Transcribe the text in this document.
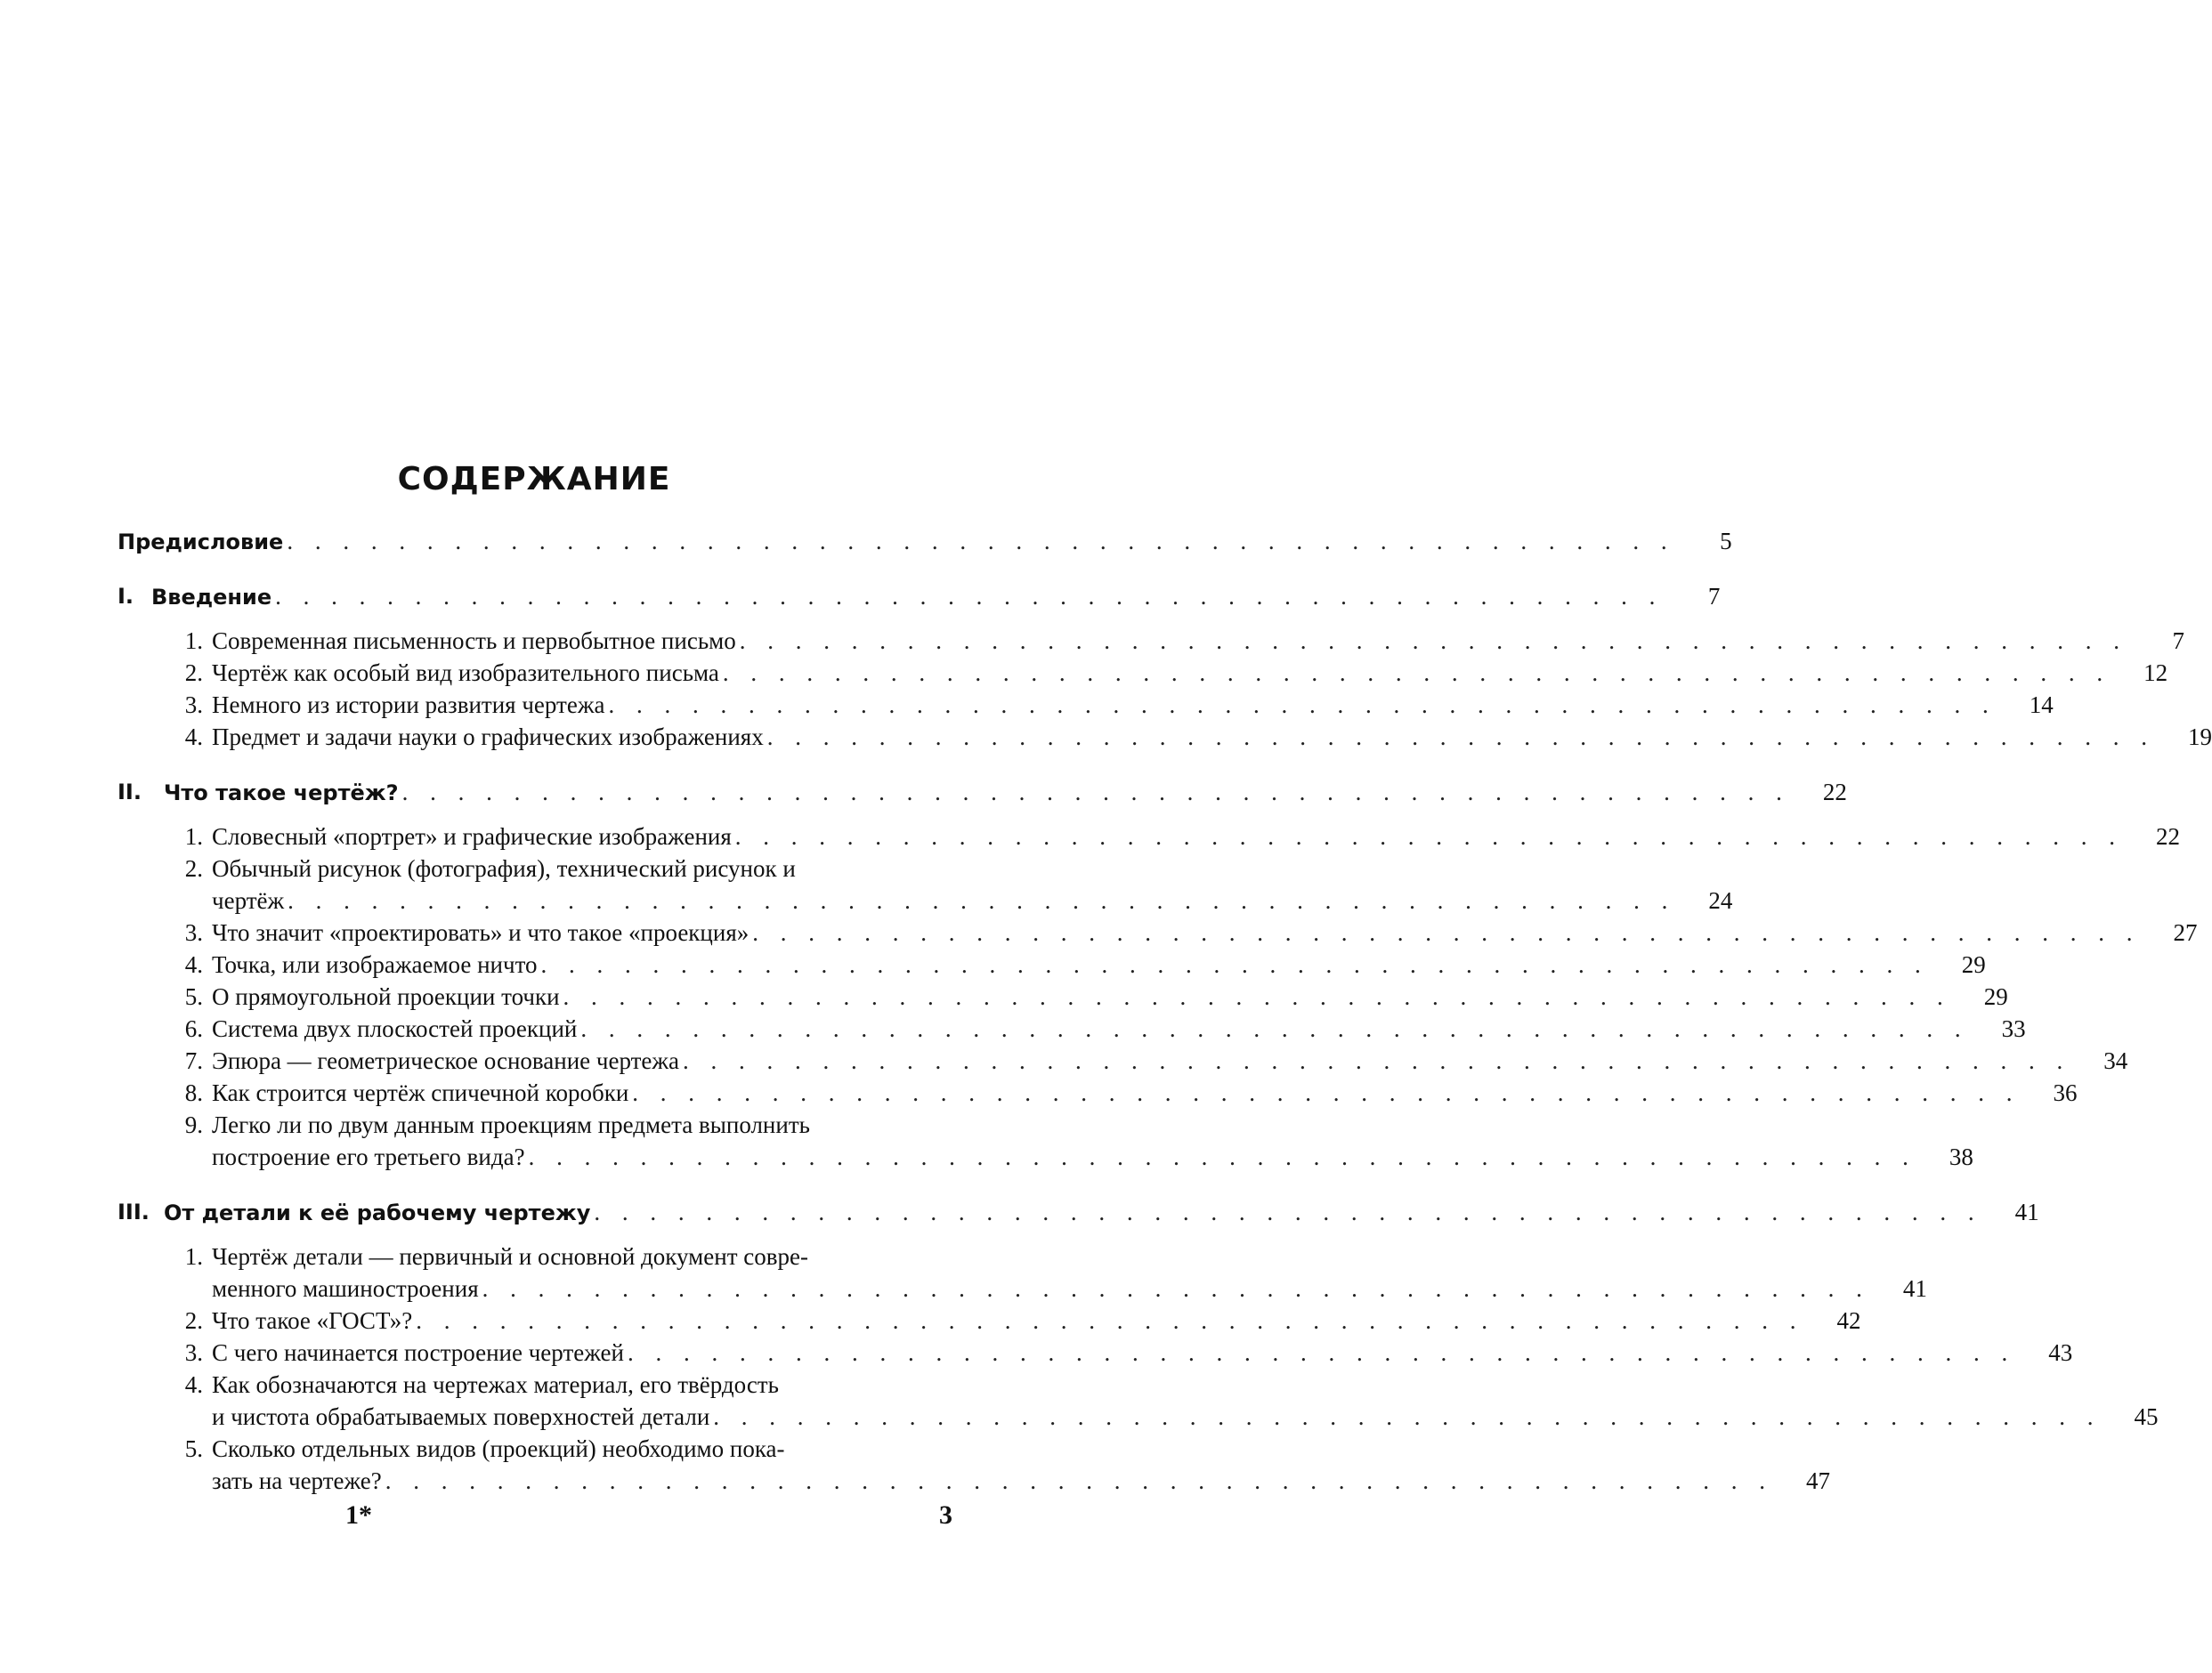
СОДЕРЖАНИЕ
Предисловие . . . . . . . . . . . . . . . . . . . . . . . . . . . . . . . . . . . . . . . . . . . . . . . . . .	5
I. Введение . . . . . . . . . . . . . . . . . . . . . . . . . . . . . . . . . . . . . . . . . . . . . . . . . .	7
1. Современная письменность и первобытное письмо . . . . . . . . . . . . . . . . . . . . . . . . . . . . . . . . . . . . . . . . . . . . . . . . . .	7
2. Чертёж как особый вид изобразительного письма . . . . . . . . . . . . . . . . . . . . . . . . . . . . . . . . . . . . . . . . . . . . . . . . . .	12
3. Немного из истории развития чертежа . . . . . . . . . . . . . . . . . . . . . . . . . . . . . . . . . . . . . . . . . . . . . . . . . .	14
4. Предмет и задачи науки о графических изображениях . . . . . . . . . . . . . . . . . . . . . . . . . . . . . . . . . . . . . . . . . . . . . . . . . .	19
II.	Что такое чертёж? . . . . . . . . . . . . . . . . . . . . . . . . . . . . . . . . . . . . . . . . . . . . . . . . . .	22
1. Словесный «портрет» и графические изображения . . . . . . . . . . . . . . . . . . . . . . . . . . . . . . . . . . . . . . . . . . . . . . . . . .	22
2. Обычный рисунок (фотография), технический рисунок и
чертёж . . . . . . . . . . . . . . . . . . . . . . . . . . . . . . . . . . . . . . . . . . . . . . . . . .	24
3. Что значит «проектировать» и что такое «проекция» . . . . . . . . . . . . . . . . . . . . . . . . . . . . . . . . . . . . . . . . . . . . . . . . . .	27
4. Точка, или изображаемое ничто . . . . . . . . . . . . . . . . . . . . . . . . . . . . . . . . . . . . . . . . . . . . . . . . . .	29
5. О прямоугольной проекции точки . . . . . . . . . . . . . . . . . . . . . . . . . . . . . . . . . . . . . . . . . . . . . . . . . .	29
6. Система двух плоскостей проекций . . . . . . . . . . . . . . . . . . . . . . . . . . . . . . . . . . . . . . . . . . . . . . . . . .	33
7. Эпюра — геометрическое основание чертежа . . . . . . . . . . . . . . . . . . . . . . . . . . . . . . . . . . . . . . . . . . . . . . . . . .	34
8. Как строится чертёж спичечной коробки . . . . . . . . . . . . . . . . . . . . . . . . . . . . . . . . . . . . . . . . . . . . . . . . . .	36
9. Легко ли по двум данным проекциям предмета выполнить
построение его третьего вида? . . . . . . . . . . . . . . . . . . . . . . . . . . . . . . . . . . . . . . . . . . . . . . . . . .	38
III. От детали к её рабочему чертежу . . . . . . . . . . . . . . . . . . . . . . . . . . . . . . . . . . . . . . . . . . . . . . . . . .	41
1. Чертёж детали — первичный и основной документ совре-
менного машиностроения . . . . . . . . . . . . . . . . . . . . . . . . . . . . . . . . . . . . . . . . . . . . . . . . . .	41
2. Что такое «ГОСТ»? . . . . . . . . . . . . . . . . . . . . . . . . . . . . . . . . . . . . . . . . . . . . . . . . . .	42
3. С чего начинается построение чертежей . . . . . . . . . . . . . . . . . . . . . . . . . . . . . . . . . . . . . . . . . . . . . . . . . .	43
4. Как обозначаются на чертежах материал, его твёрдость
и чистота обрабатываемых поверхностей детали . . . . . . . . . . . . . . . . . . . . . . . . . . . . . . . . . . . . . . . . . . . . . . . . . .	45
5. Сколько отдельных видов (проекций) необходимо пока-
зать на чертеже? . . . . . . . . . . . . . . . . . . . . . . . . . . . . . . . . . . . . . . . . . . . . . . . . . .	47
1*	3
